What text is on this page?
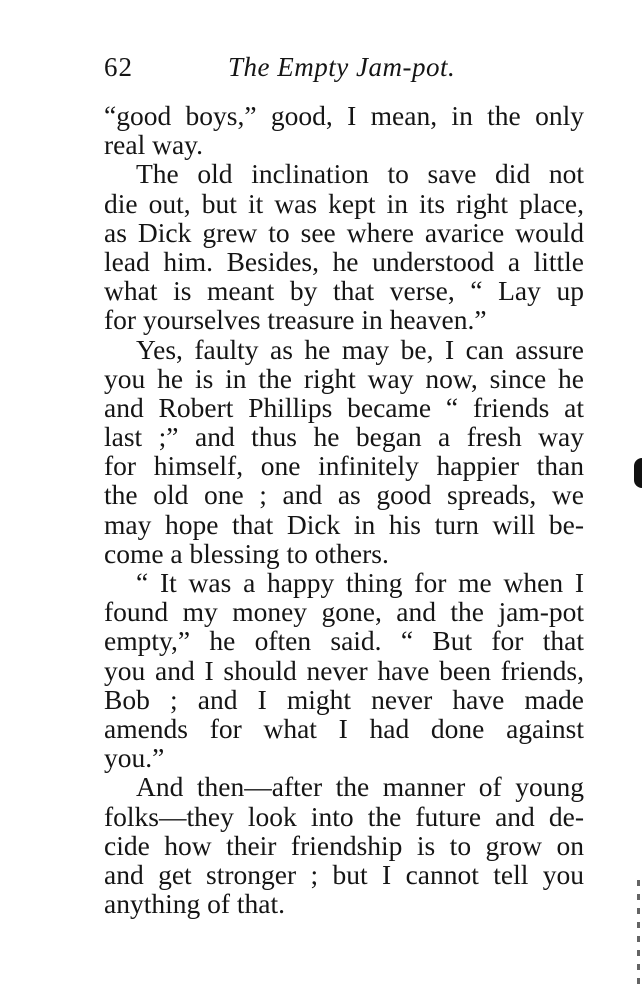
62	The Empty Jam-pot.
“good boys,” good, I mean, in the only
real way.
The old inclination to save did not
die out, but it was kept in its right place,
as Dick grew to see where avarice would
lead him. Besides, he understood a little
what is meant by that verse, “ Lay up
for yourselves treasure in heaven.”
Yes, faulty as he may be, I can assure
you he is in the right way now, since he
and Robert Phillips became “ friends at
last ;” and thus he began a fresh way
for himself, one infinitely happier than
the old one ; and as good spreads, we
may hope that Dick in his turn will be-
come a blessing to others.
“ It was a happy thing for me when I
found my money gone, and the jam-pot
empty,” he often said. “ But for that
you and I should never have been friends,
Bob ; and I might never have made
amends for what I had done against
you.”
And then—after the manner of young
folks—they look into the future and de-
cide how their friendship is to grow on
and get stronger ; but I cannot tell you
anything of that.
